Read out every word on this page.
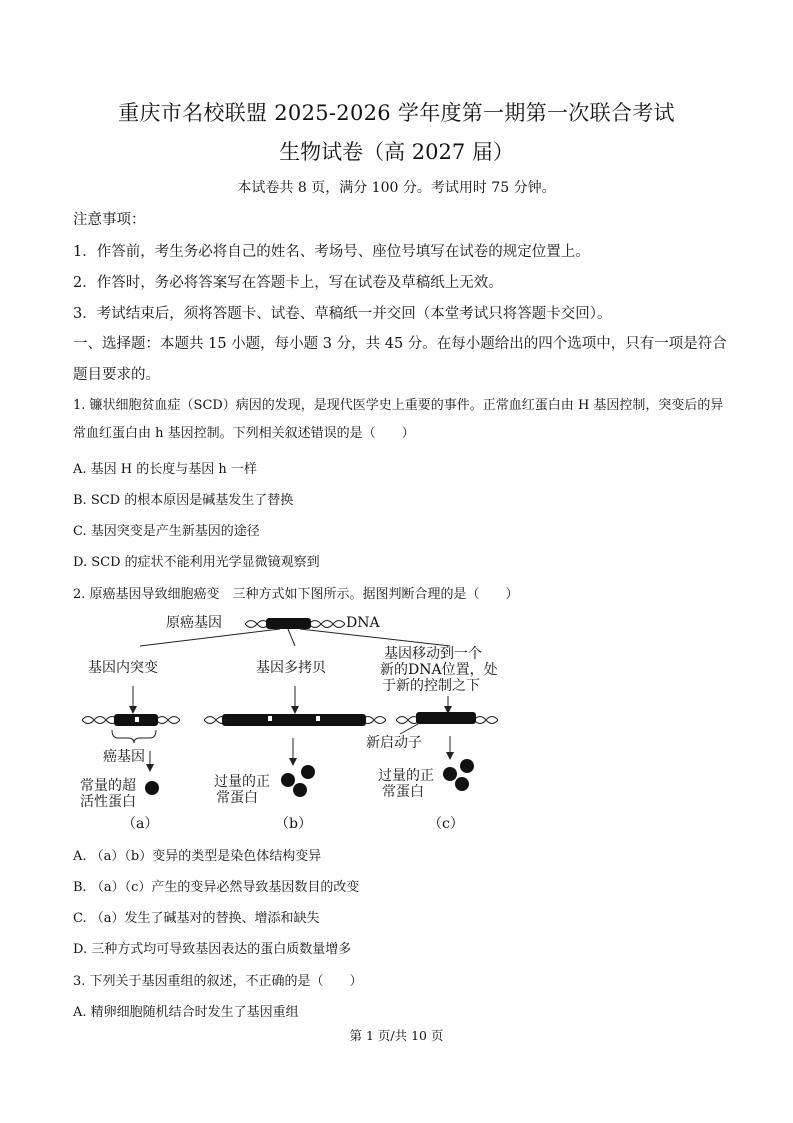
重庆市名校联盟 2025-2026 学年度第一期第一次联合考试
生物试卷（高 2027 届）
本试卷共 8 页，满分 100 分。考试用时 75 分钟。
注意事项：
1．作答前，考生务必将自己的姓名、考场号、座位号填写在试卷的规定位置上。
2．作答时，务必将答案写在答题卡上，写在试卷及草稿纸上无效。
3．考试结束后，须将答题卡、试卷、草稿纸一并交回（本堂考试只将答题卡交回）。
一、选择题：本题共 15 小题，每小题 3 分，共 45 分。在每小题给出的四个选项中，只有一项是符合题目要求的。
1. 镰状细胞贫血症（SCD）病因的发现，是现代医学史上重要的事件。正常血红蛋白由 H 基因控制，突变后的异常血红蛋白由 h 基因控制。下列相关叙述错误的是（　　）
A. 基因 H 的长度与基因 h 一样
B. SCD 的根本原因是碱基发生了替换
C. 基因突变是产生新基因的途径
D. SCD 的症状不能利用光学显微镜观察到
2. 原癌基因导致细胞癌变　三种方式如下图所示。据图判断合理的是（　　）
原癌基因	DNA
基因内突变	基因多拷贝
基因移动到一个
新的DNA位置，处
于新的控制之下
癌基因
新启动子
常量的超
活性蛋白
过量的正
常蛋白
过量的正
常蛋白
（a）	（b）	（c）
A. （a）（b）变异的类型是染色体结构变异
B. （a）（c）产生的变异必然导致基因数目的改变
C. （a）发生了碱基对的替换、增添和缺失
D. 三种方式均可导致基因表达的蛋白质数量增多
3. 下列关于基因重组的叙述，不正确的是（　　）
A. 精卵细胞随机结合时发生了基因重组
第 1 页/共 10 页
